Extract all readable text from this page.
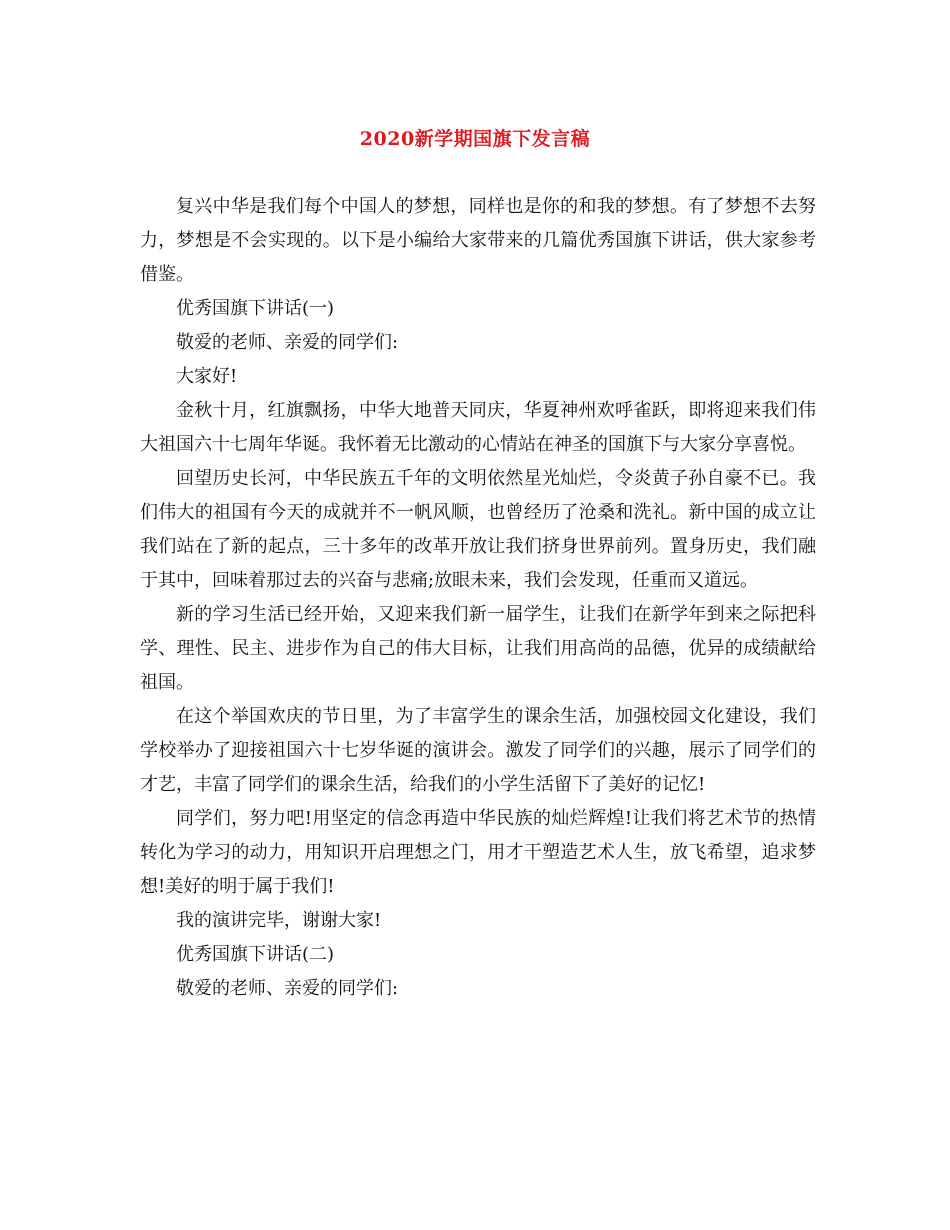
2020新学期国旗下发言稿

复兴中华是我们每个中国人的梦想，同样也是你的和我的梦想。有了梦想不去努力，梦想是不会实现的。以下是小编给大家带来的几篇优秀国旗下讲话，供大家参考借鉴。

优秀国旗下讲话(一)

敬爱的老师、亲爱的同学们:

大家好!

金秋十月，红旗飘扬，中华大地普天同庆，华夏神州欢呼雀跃，即将迎来我们伟大祖国六十七周年华诞。我怀着无比激动的心情站在神圣的国旗下与大家分享喜悦。

回望历史长河，中华民族五千年的文明依然星光灿烂，令炎黄子孙自豪不已。我们伟大的祖国有今天的成就并不一帆风顺，也曾经历了沧桑和洗礼。新中国的成立让我们站在了新的起点，三十多年的改革开放让我们挤身世界前列。置身历史，我们融于其中，回味着那过去的兴奋与悲痛;放眼未来，我们会发现，任重而又道远。

新的学习生活已经开始，又迎来我们新一届学生，让我们在新学年到来之际把科学、理性、民主、进步作为自己的伟大目标，让我们用高尚的品德，优异的成绩献给祖国。

在这个举国欢庆的节日里，为了丰富学生的课余生活，加强校园文化建设，我们学校举办了迎接祖国六十七岁华诞的演讲会。激发了同学们的兴趣，展示了同学们的才艺，丰富了同学们的课余生活，给我们的小学生活留下了美好的记忆!

同学们，努力吧!用坚定的信念再造中华民族的灿烂辉煌!让我们将艺术节的热情转化为学习的动力，用知识开启理想之门，用才干塑造艺术人生，放飞希望，追求梦想!美好的明于属于我们!

我的演讲完毕，谢谢大家!

优秀国旗下讲话(二)

敬爱的老师、亲爱的同学们:
